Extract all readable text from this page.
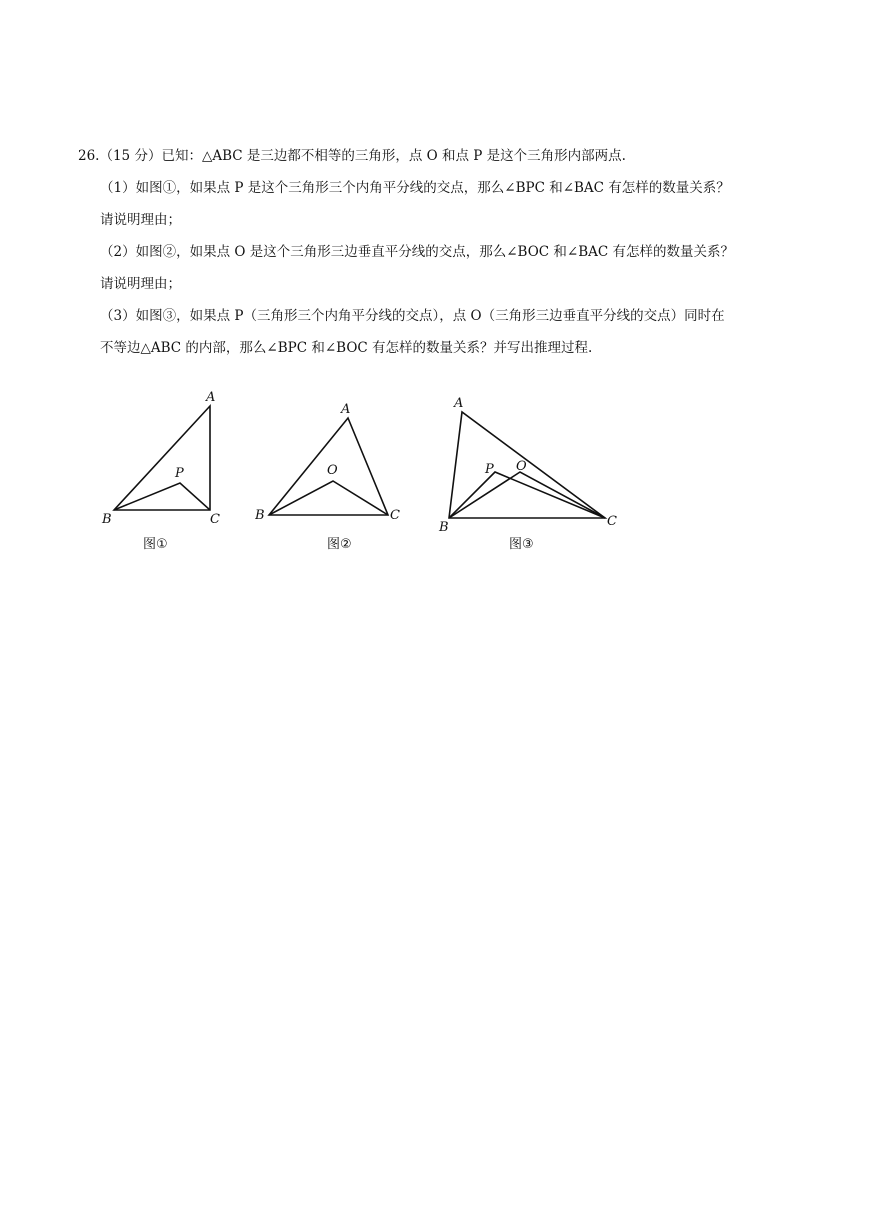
26.（15 分）已知：△ABC 是三边都不相等的三角形，点 O 和点 P 是这个三角形内部两点.
（1）如图①，如果点 P 是这个三角形三个内角平分线的交点，那么∠BPC 和∠BAC 有怎样的数量关系？
请说明理由；
（2）如图②，如果点 O 是这个三角形三边垂直平分线的交点，那么∠BOC 和∠BAC 有怎样的数量关系？
请说明理由；
（3）如图③，如果点 P（三角形三个内角平分线的交点），点 O（三角形三边垂直平分线的交点）同时在
不等边△ABC 的内部，那么∠BPC 和∠BOC 有怎样的数量关系？并写出推理过程.
A
B	C
P
图①
A
B	C
O
图②
A
B	C
P O
图③
